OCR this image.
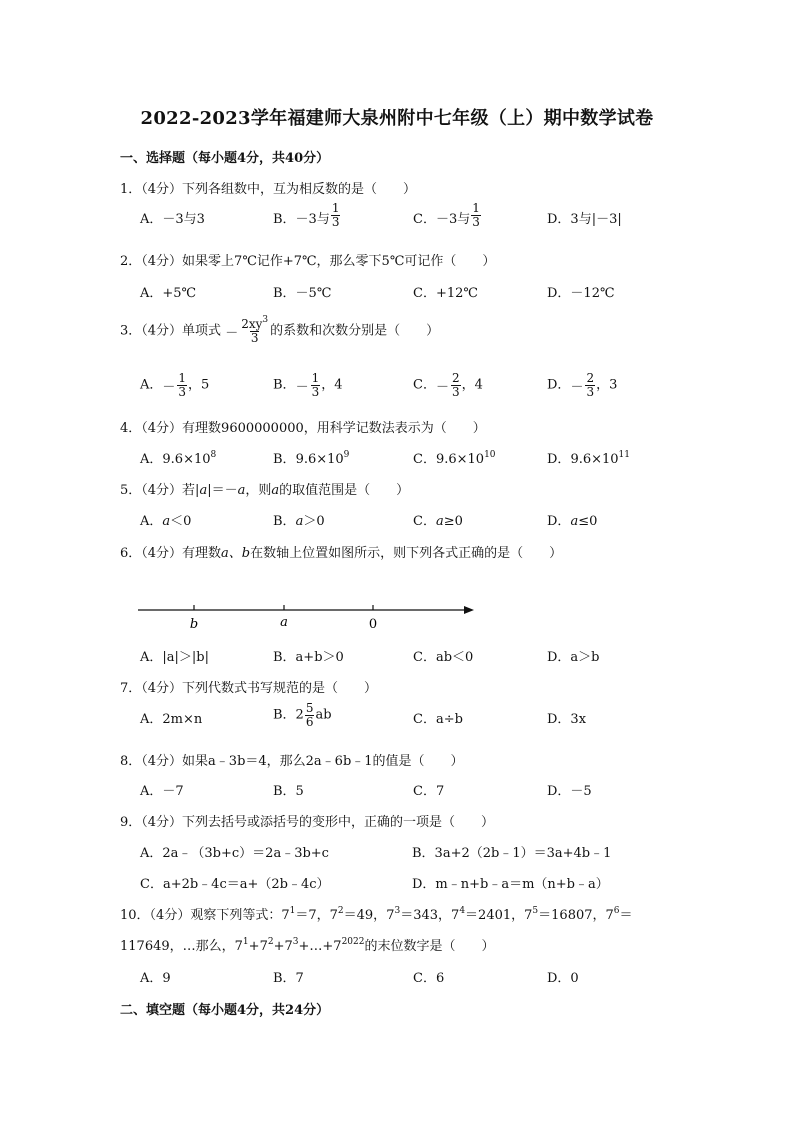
2022-2023学年福建师大泉州附中七年级（上）期中数学试卷
一、选择题（每小题4分，共40分）
1．（4分）下列各组数中，互为相反数的是（　　）
A．－3与3	B．－3与 $\frac{1}{3}$	C．－3与 $\frac{1}{3}$	D．3与|－3|
2．（4分）如果零上7℃记作+7℃，那么零下5℃可记作（　　）
A．+5℃	B．－5℃	C．+12℃	D．－12℃
3．（4分）单项式 － $\frac{2xy^3}{3}$ 的系数和次数分别是（　　）
A． － $\frac{1}{3}$ ，5	B． － $\frac{1}{3}$ ，4	C． － $\frac{2}{3}$ ，4	D． － $\frac{2}{3}$ ，3
4．（4分）有理数9600000000，用科学记数法表示为（　　）
A．$9.6\times 10^8$	B．$9.6\times 10^9$	C．$9.6\times 10^{10}$	D．$9.6\times 10^{11}$
5．（4分）若|a|＝－a，则a的取值范围是（　　）
A．a＜0	B．a＞0	C．a≥0	D．a≤0
6．（4分）有理数a、b在数轴上位置如图所示，则下列各式正确的是（　　）
b	a	0
A．|a|＞|b|	B．a+b＞0	C．ab＜0	D．a＞b
7．（4分）下列代数式书写规范的是（　　）
A．2m×n	B．$2 \frac{5}{6}$ ab	C．a÷b	D．3x
8．（4分）如果a﹣3b＝4，那么2a﹣6b﹣1的值是（　　）
A．－7	B．5	C．7	D．－5
9．（4分）下列去括号或添括号的变形中，正确的一项是（　　）
A．2a﹣（3b+c）＝2a﹣3b+c	B．3a+2（2b﹣1）＝3a+4b﹣1
C．a+2b﹣4c＝a+（2b﹣4c）	D．m﹣n+b﹣a＝m（n+b﹣a）
10．（4分）观察下列等式：$7^1=7$，$7^2=49$，$7^3=343$，$7^4=2401$，$7^5=16807$，$7^6=$
117649，…那么，$7^1+7^2+7^3+\dots+7^{2022}$的末位数字是（　　）
A．9	B．7	C．6	D．0
二、填空题（每小题4分，共24分）
